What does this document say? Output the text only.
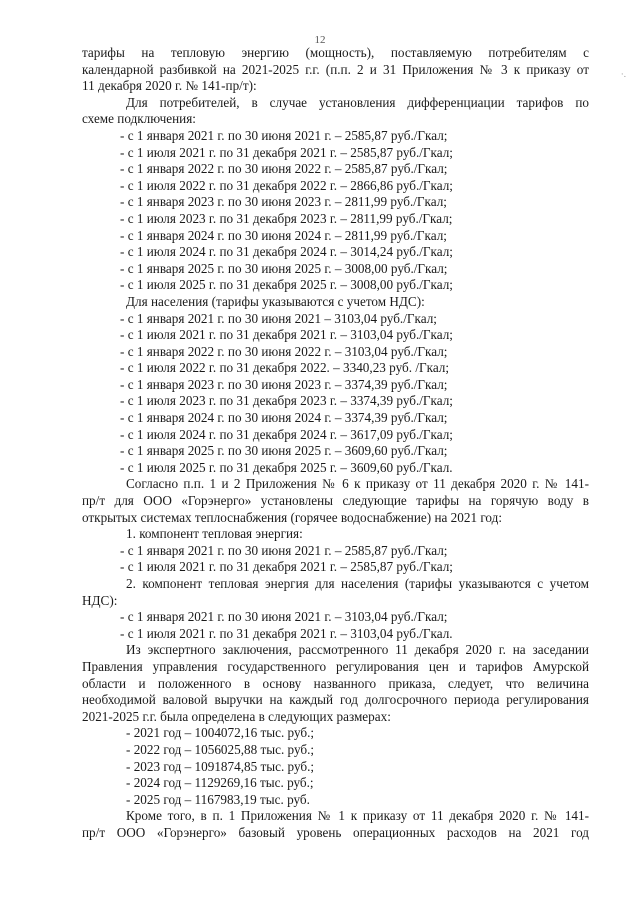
12
·.
тарифы на тепловую энергию (мощность), поставляемую потребителям с
календарной разбивкой на 2021-2025 г.г. (п.п. 2 и 31 Приложения № 3 к приказу от
11 декабря 2020 г. № 141-пр/т):
Для потребителей, в случае установления дифференциации тарифов по
схеме подключения:
- с 1 января 2021 г. по 30 июня 2021 г. – 2585,87 руб./Гкал;
- с 1 июля 2021 г. по 31 декабря 2021 г. – 2585,87 руб./Гкал;
- с 1 января 2022 г. по 30 июня 2022 г. – 2585,87 руб./Гкал;
- с 1 июля 2022 г. по 31 декабря 2022 г. – 2866,86 руб./Гкал;
- с 1 января 2023 г. по 30 июня 2023 г. – 2811,99 руб./Гкал;
- с 1 июля 2023 г. по 31 декабря 2023 г. – 2811,99 руб./Гкал;
- с 1 января 2024 г. по 30 июня 2024 г. – 2811,99 руб./Гкал;
- с 1 июля 2024 г. по 31 декабря 2024 г. – 3014,24 руб./Гкал;
- с 1 января 2025 г. по 30 июня 2025 г. – 3008,00 руб./Гкал;
- с 1 июля 2025 г. по 31 декабря 2025 г. – 3008,00 руб./Гкал;
Для населения (тарифы указываются с учетом НДС):
- с 1 января 2021 г. по 30 июня 2021 – 3103,04 руб./Гкал;
- с 1 июля 2021 г. по 31 декабря 2021 г. – 3103,04 руб./Гкал;
- с 1 января 2022 г. по 30 июня 2022 г. – 3103,04 руб./Гкал;
- с 1 июля 2022 г. по 31 декабря 2022. – 3340,23 руб. /Гкал;
- с 1 января 2023 г. по 30 июня 2023 г. – 3374,39 руб./Гкал;
- с 1 июля 2023 г. по 31 декабря 2023 г. – 3374,39 руб./Гкал;
- с 1 января 2024 г. по 30 июня 2024 г. – 3374,39 руб./Гкал;
- с 1 июля 2024 г. по 31 декабря 2024 г. – 3617,09 руб./Гкал;
- с 1 января 2025 г. по 30 июня 2025 г. – 3609,60 руб./Гкал;
- с 1 июля 2025 г. по 31 декабря 2025 г. – 3609,60 руб./Гкал.
Согласно п.п. 1 и 2 Приложения № 6 к приказу от 11 декабря 2020 г. № 141-
пр/т для ООО «Горэнерго» установлены следующие тарифы на горячую воду в
открытых системах теплоснабжения (горячее водоснабжение) на 2021 год:
1. компонент тепловая энергия:
- с 1 января 2021 г. по 30 июня 2021 г. – 2585,87 руб./Гкал;
- с 1 июля 2021 г. по 31 декабря 2021 г. – 2585,87 руб./Гкал;
2. компонент тепловая энергия для населения (тарифы указываются с учетом
НДС):
- с 1 января 2021 г. по 30 июня 2021 г. – 3103,04 руб./Гкал;
- с 1 июля 2021 г. по 31 декабря 2021 г. – 3103,04 руб./Гкал.
Из экспертного заключения, рассмотренного 11 декабря 2020 г. на заседании
Правления управления государственного регулирования цен и тарифов Амурской
области и положенного в основу названного приказа, следует, что величина
необходимой валовой выручки на каждый год долгосрочного периода регулирования
2021-2025 г.г. была определена в следующих размерах:
- 2021 год – 1004072,16 тыс. руб.;
- 2022 год – 1056025,88 тыс. руб.;
- 2023 год – 1091874,85 тыс. руб.;
- 2024 год – 1129269,16 тыс. руб.;
- 2025 год – 1167983,19 тыс. руб.
Кроме того, в п. 1 Приложения № 1 к приказу от 11 декабря 2020 г. № 141-
пр/т ООО «Горэнерго» базовый уровень операционных расходов на 2021 год
